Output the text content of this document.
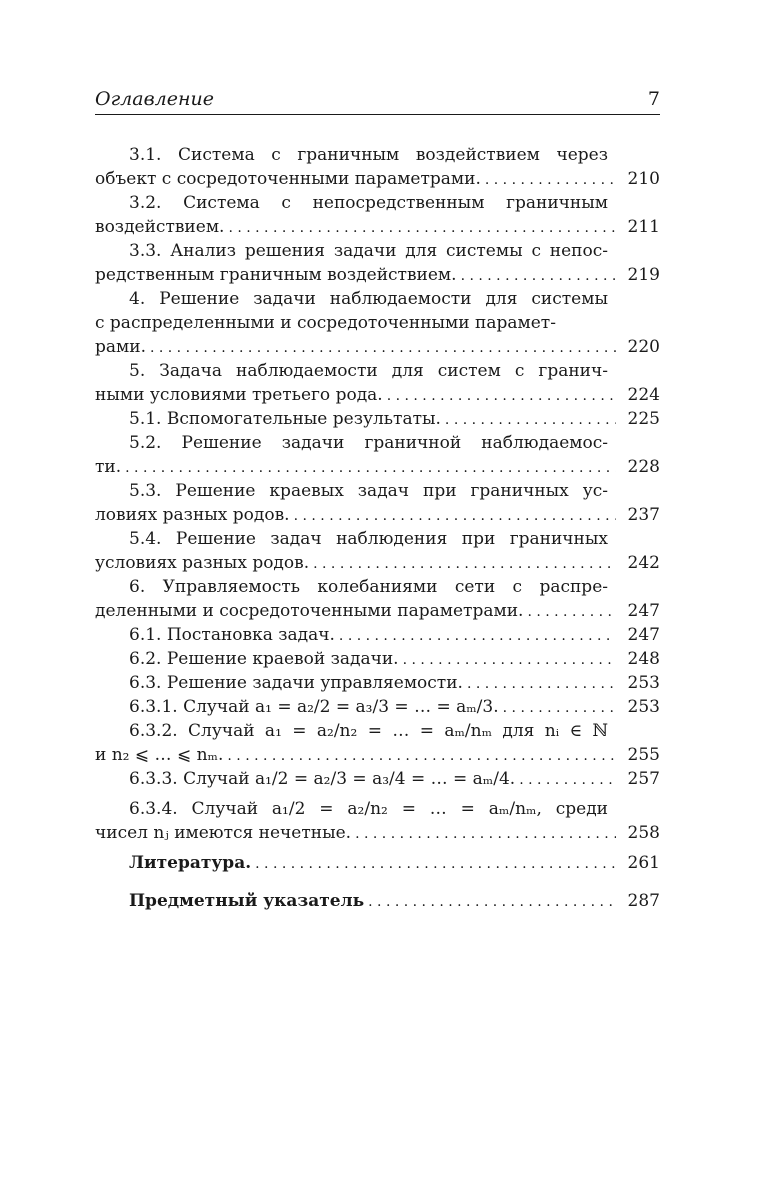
Оглавление	7
3.1. Система с граничным воздействием через
объект с сосредоточенными параметрами. . . .	210
3.2. Система с непосредственным граничным
воздействием. . . .	211
3.3. Анализ решения задачи для системы с непос-
редственным граничным воздействием. . . .	219
4. Решение задачи наблюдаемости для системы
с распределенными и сосредоточенными парамет-
рами. . . .	220
5. Задача наблюдаемости для систем с гранич-
ными условиями третьего рода. . . .	224
5.1. Вспомогательные результаты. . . .	225
5.2. Решение задачи граничной наблюдаемос-
ти. . . .	228
5.3. Решение краевых задач при граничных ус-
ловиях разных родов. . . .	237
5.4. Решение задач наблюдения при граничных
условиях разных родов. . . .	242
6. Управляемость колебаниями сети с распре-
деленными и сосредоточенными параметрами. . . .	247
6.1. Постановка задач. . . .	247
6.2. Решение краевой задачи. . . .	248
6.3. Решение задачи управляемости. . . .	253
6.3.1. Случай a₁ = a₂/2 = a₃/3 = … = aₘ/3. . . .	253
6.3.2. Случай a₁ = a₂/n₂ = … = aₘ/nₘ для nᵢ ∈ ℕ
и n₂ ⩽ … ⩽ nₘ. . . .	255
6.3.3. Случай a₁/2 = a₂/3 = a₃/4 = … = aₘ/4. . . .	257
6.3.4. Случай a₁/2 = a₂/n₂ = … = aₘ/nₘ, среди
чисел nⱼ имеются нечетные. . . .	258
Литература. . . .	261
Предметный указатель . . .	287
